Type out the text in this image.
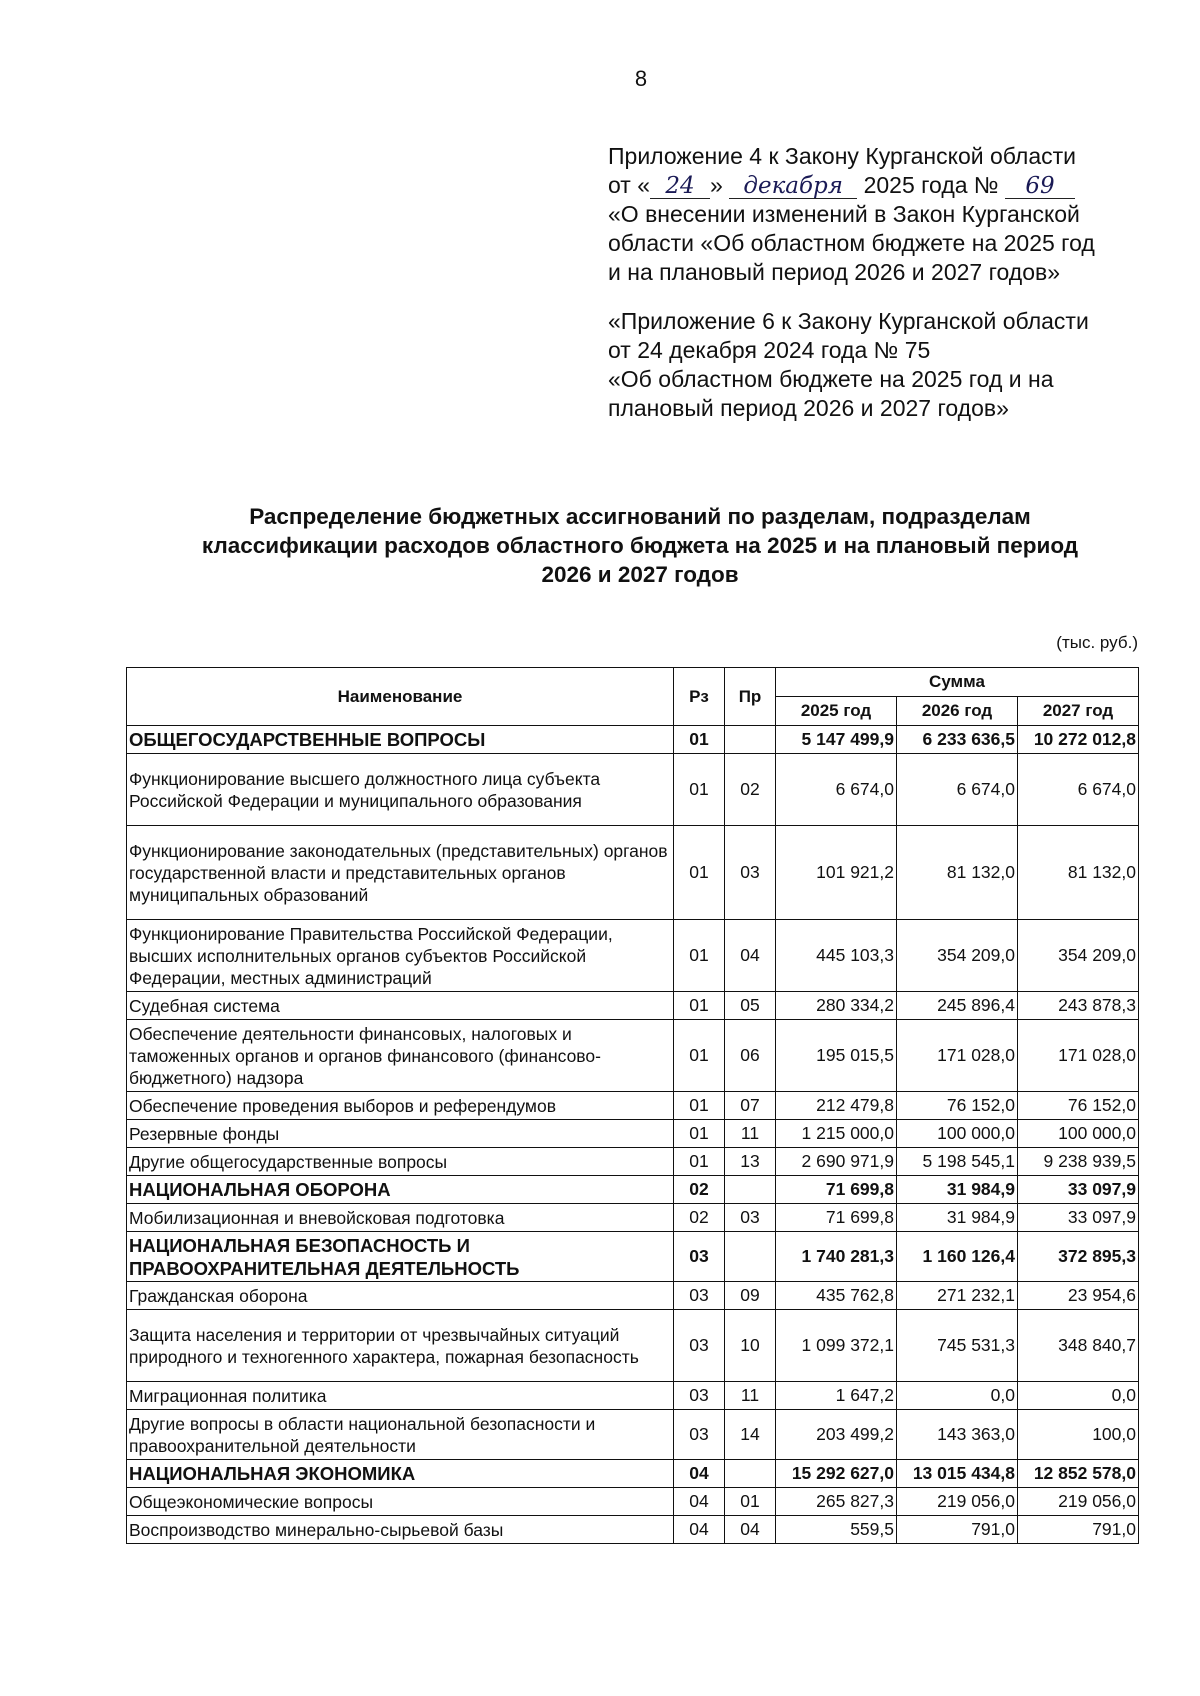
8
Приложение 4 к Закону Курганской области
от « 24 » декабря 2025 года № 69
«О внесении изменений в Закон Курганской
области «Об областном бюджете на 2025 год
и на плановый период 2026 и 2027 годов»
«Приложение 6 к Закону Курганской области
от 24 декабря 2024 года № 75
«Об областном бюджете на 2025 год и на
плановый период 2026 и 2027 годов»
Распределение бюджетных ассигнований по разделам, подразделам
классификации расходов областного бюджета на 2025 и на плановый период
2026 и 2027 годов
(тыс. руб.)
Наименование	Рз	Пр	Сумма		
			2025 год	2026 год	2027 год
ОБЩЕГОСУДАРСТВЕННЫЕ ВОПРОСЫ	01		5 147 499,9	6 233 636,5	10 272 012,8
Функционирование высшего должностного лица субъекта Российской Федерации и муниципального образования	01	02	6 674,0	6 674,0	6 674,0
Функционирование законодательных (представительных) органов государственной власти и представительных органов муниципальных образований	01	03	101 921,2	81 132,0	81 132,0
Функционирование Правительства Российской Федерации, высших исполнительных органов субъектов Российской Федерации, местных администраций	01	04	445 103,3	354 209,0	354 209,0
Судебная система	01	05	280 334,2	245 896,4	243 878,3
Обеспечение деятельности финансовых, налоговых и таможенных органов и органов финансового (финансово-бюджетного) надзора	01	06	195 015,5	171 028,0	171 028,0
Обеспечение проведения выборов и референдумов	01	07	212 479,8	76 152,0	76 152,0
Резервные фонды	01	11	1 215 000,0	100 000,0	100 000,0
Другие общегосударственные вопросы	01	13	2 690 971,9	5 198 545,1	9 238 939,5
НАЦИОНАЛЬНАЯ ОБОРОНА	02		71 699,8	31 984,9	33 097,9
Мобилизационная и вневойсковая подготовка	02	03	71 699,8	31 984,9	33 097,9
НАЦИОНАЛЬНАЯ БЕЗОПАСНОСТЬ И ПРАВООХРАНИТЕЛЬНАЯ ДЕЯТЕЛЬНОСТЬ	03		1 740 281,3	1 160 126,4	372 895,3
Гражданская оборона	03	09	435 762,8	271 232,1	23 954,6
Защита населения и территории от чрезвычайных ситуаций природного и техногенного характера, пожарная безопасность	03	10	1 099 372,1	745 531,3	348 840,7
Миграционная политика	03	11	1 647,2	0,0	0,0
Другие вопросы в области национальной безопасности и правоохранительной деятельности	03	14	203 499,2	143 363,0	100,0
НАЦИОНАЛЬНАЯ ЭКОНОМИКА	04		15 292 627,0	13 015 434,8	12 852 578,0
Общеэкономические вопросы	04	01	265 827,3	219 056,0	219 056,0
Воспроизводство минерально-сырьевой базы	04	04	559,5	791,0	791,0
